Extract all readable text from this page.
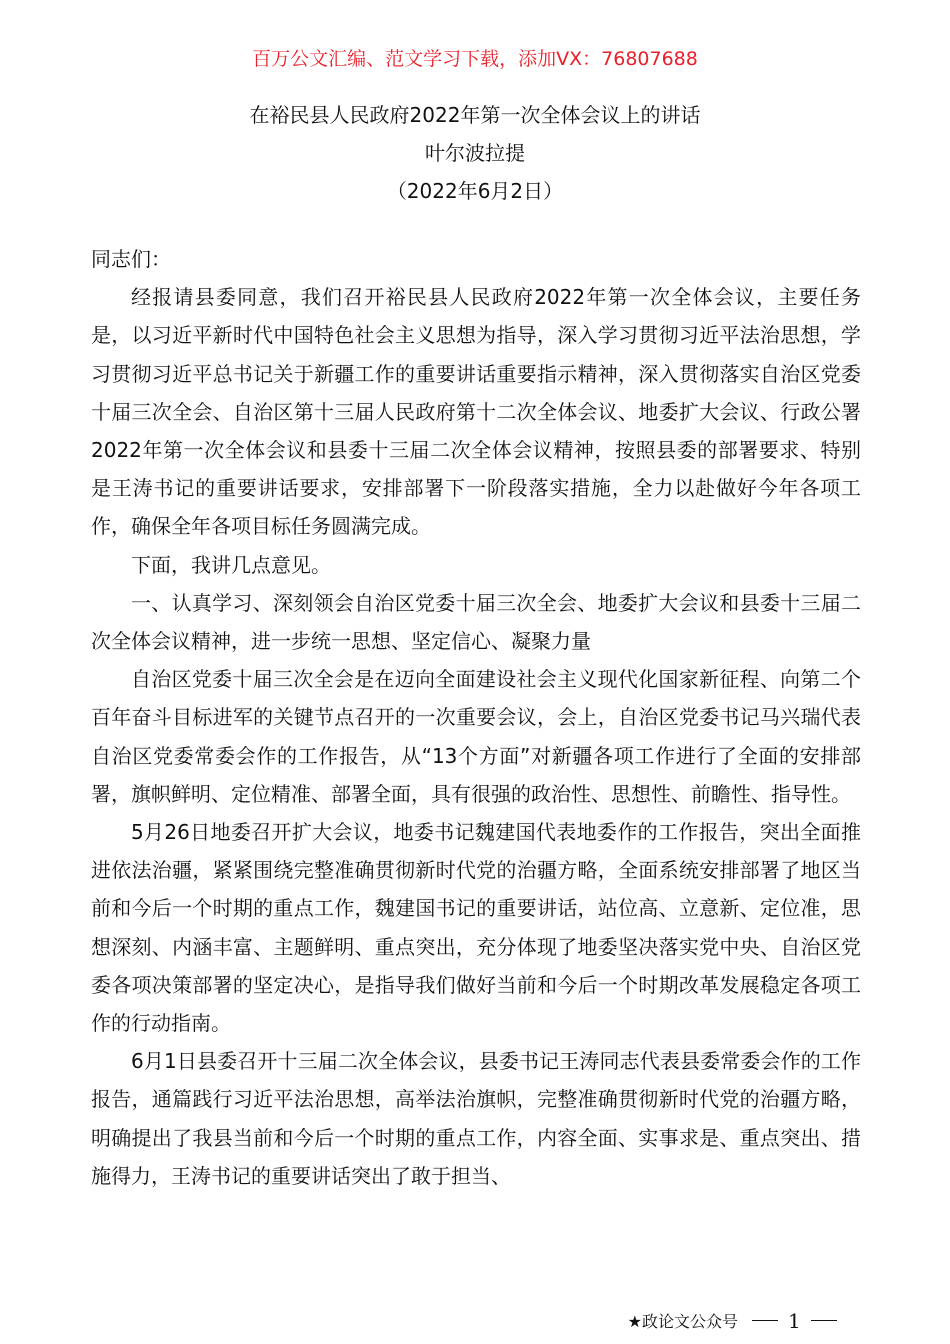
百万公文汇编、范文学习下载，添加VX：76807688
在裕民县人民政府2022年第一次全体会议上的讲话
叶尔波拉提
（2022年6月2日）

同志们：

经报请县委同意，我们召开裕民县人民政府2022年第一次全体会议，主要任务是，以习近平新时代中国特色社会主义思想为指导，深入学习贯彻习近平法治思想，学习贯彻习近平总书记关于新疆工作的重要讲话重要指示精神，深入贯彻落实自治区党委十届三次全会、自治区第十三届人民政府第十二次全体会议、地委扩大会议、行政公署2022年第一次全体会议和县委十三届二次全体会议精神，按照县委的部署要求、特别是王涛书记的重要讲话要求，安排部署下一阶段落实措施，全力以赴做好今年各项工作，确保全年各项目标任务圆满完成。

下面，我讲几点意见。

一、认真学习、深刻领会自治区党委十届三次全会、地委扩大会议和县委十三届二次全体会议精神，进一步统一思想、坚定信心、凝聚力量

自治区党委十届三次全会是在迈向全面建设社会主义现代化国家新征程、向第二个百年奋斗目标进军的关键节点召开的一次重要会议，会上，自治区党委书记马兴瑞代表自治区党委常委会作的工作报告，从“13个方面”对新疆各项工作进行了全面的安排部署，旗帜鲜明、定位精准、部署全面，具有很强的政治性、思想性、前瞻性、指导性。

5月26日地委召开扩大会议，地委书记魏建国代表地委作的工作报告，突出全面推进依法治疆，紧紧围绕完整准确贯彻新时代党的治疆方略，全面系统安排部署了地区当前和今后一个时期的重点工作，魏建国书记的重要讲话，站位高、立意新、定位准，思想深刻、内涵丰富、主题鲜明、重点突出，充分体现了地委坚决落实党中央、自治区党委各项决策部署的坚定决心，是指导我们做好当前和今后一个时期改革发展稳定各项工作的行动指南。

6月1日县委召开十三届二次全体会议，县委书记王涛同志代表县委常委会作的工作报告，通篇践行习近平法治思想，高举法治旗帜，完整准确贯彻新时代党的治疆方略，明确提出了我县当前和今后一个时期的重点工作，内容全面、实事求是、重点突出、措施得力，王涛书记的重要讲话突出了敢于担当、

★政论文公众号	1
